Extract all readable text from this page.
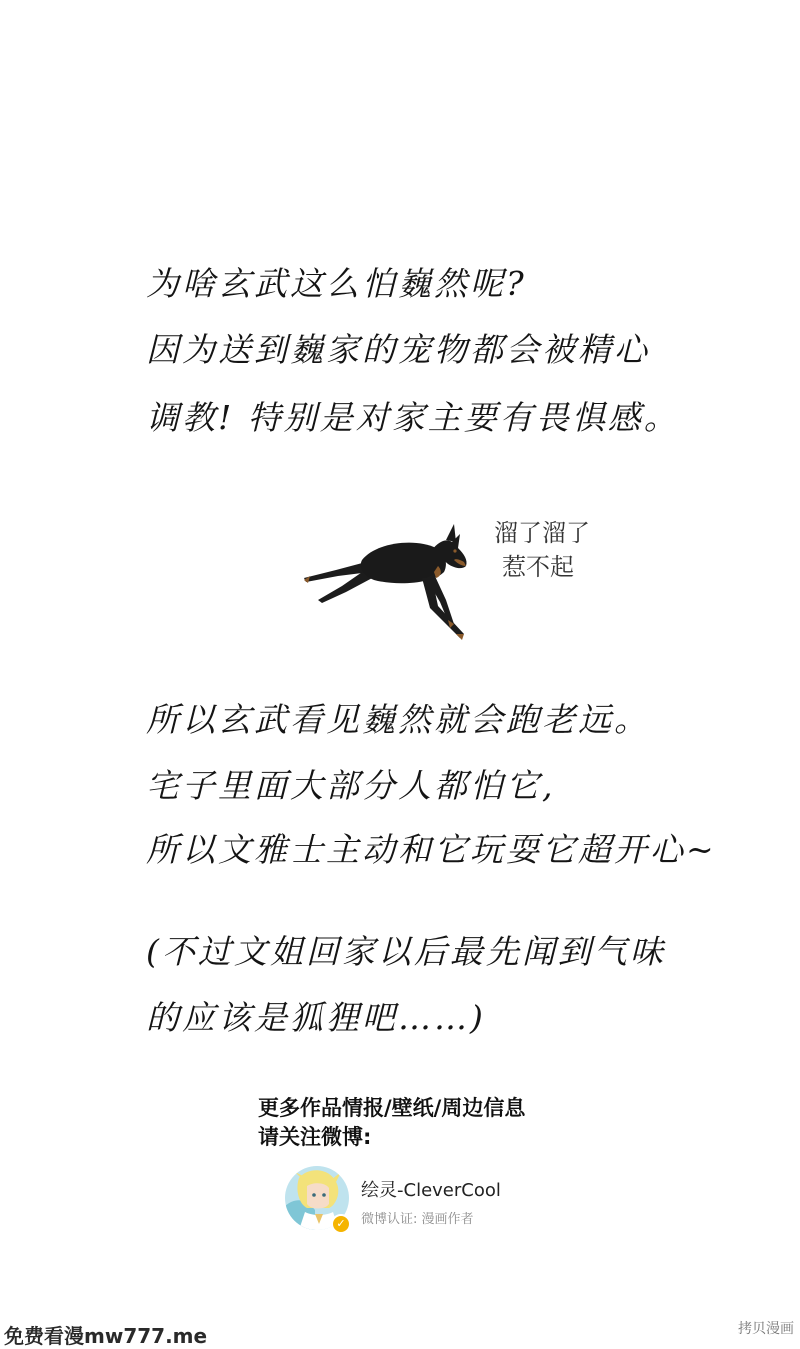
为啥玄武这么怕巍然呢?
因为送到巍家的宠物都会被精心
调教! 特别是对家主要有畏惧感。
溜了溜了
惹不起
所以玄武看见巍然就会跑老远。
宅子里面大部分人都怕它,
所以文雅士主动和它玩耍它超开心~
(不过文姐回家以后最先闻到气味
的应该是狐狸吧……)
更多作品情报/壁纸/周边信息
请关注微博:
✓
绘灵-CleverCool
微博认证: 漫画作者
免费看漫mw777.me	拷贝漫画
